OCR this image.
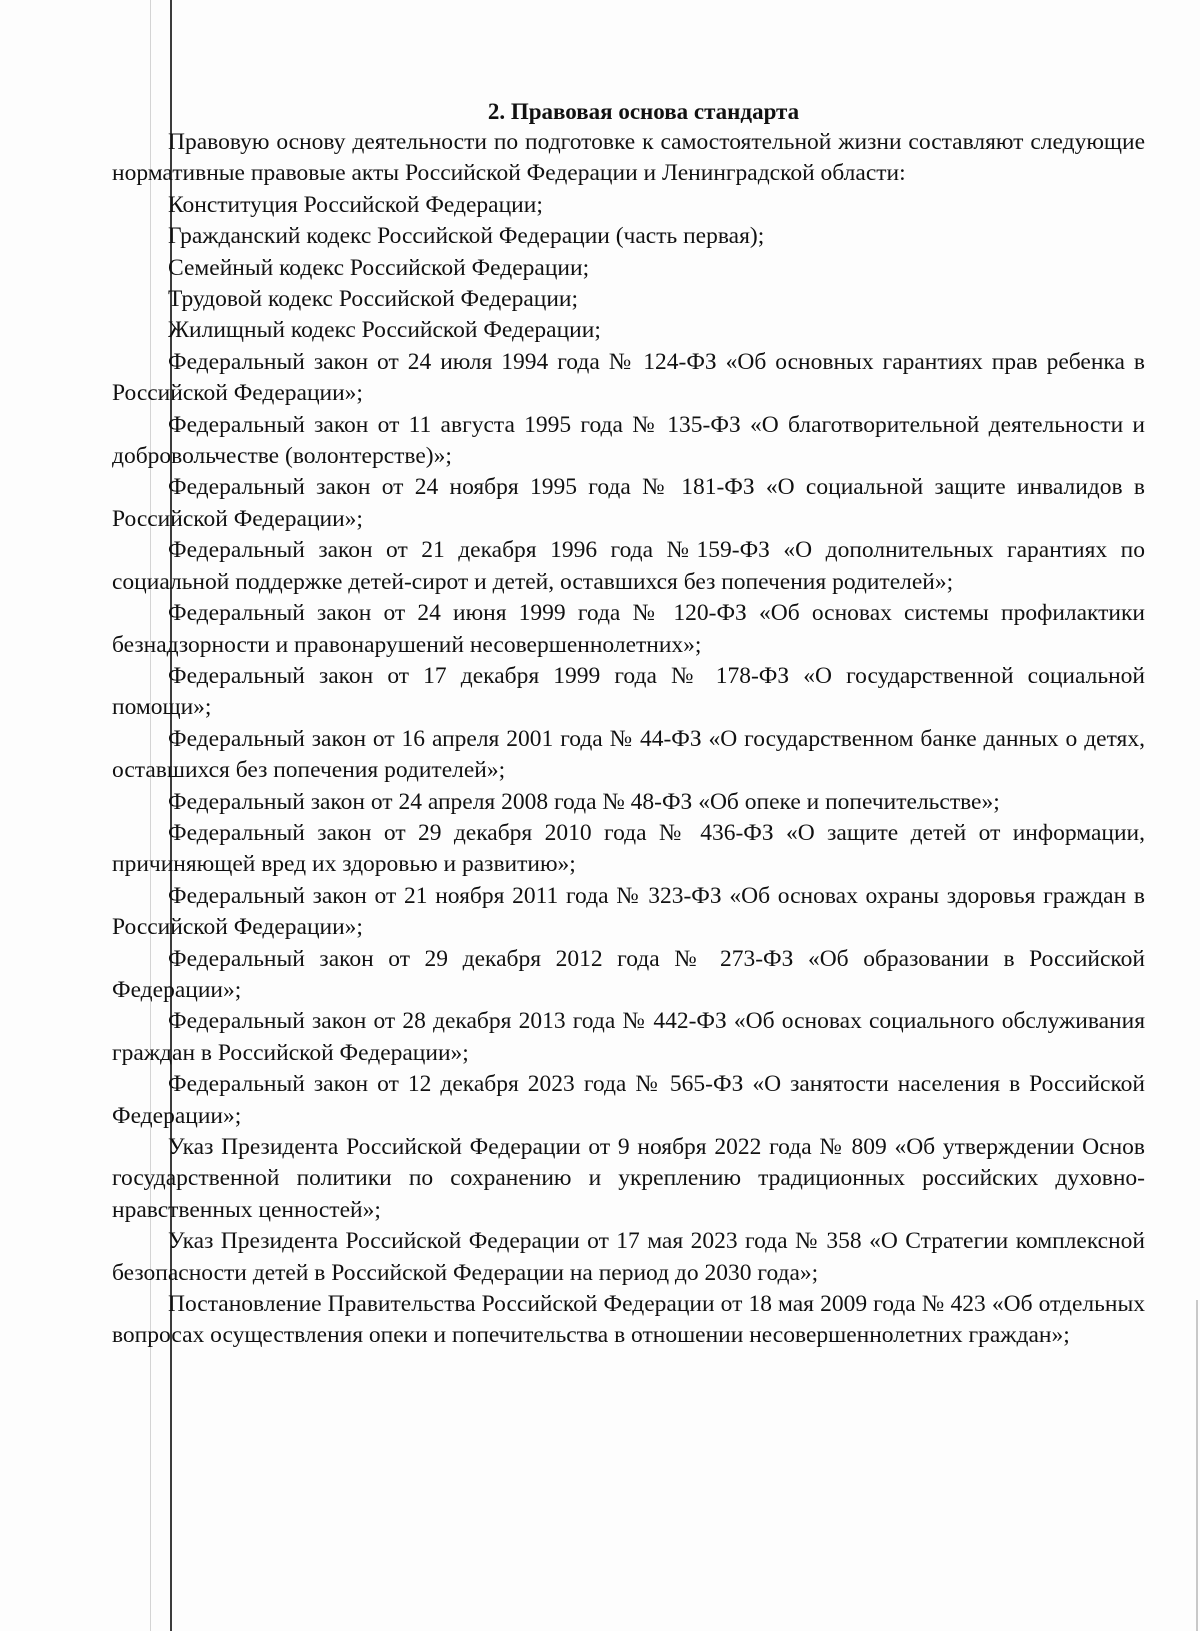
2. Правовая основа стандарта

Правовую основу деятельности по подготовке к самостоятельной жизни составляют следующие нормативные правовые акты Российской Федерации и Ленинградской области:

Конституция Российской Федерации;

Гражданский кодекс Российской Федерации (часть первая);

Семейный кодекс Российской Федерации;

Трудовой кодекс Российской Федерации;

Жилищный кодекс Российской Федерации;

Федеральный закон от 24 июля 1994 года № 124-ФЗ «Об основных гарантиях прав ребенка в Российской Федерации»;

Федеральный закон от 11 августа 1995 года № 135-ФЗ «О благотворительной деятельности и добровольчестве (волонтерстве)»;

Федеральный закон от 24 ноября 1995 года № 181-ФЗ «О социальной защите инвалидов в Российской Федерации»;

Федеральный закон от 21 декабря 1996 года №159-ФЗ «О дополнительных гарантиях по социальной поддержке детей-сирот и детей, оставшихся без попечения родителей»;

Федеральный закон от 24 июня 1999 года № 120-ФЗ «Об основах системы профилактики безнадзорности и правонарушений несовершеннолетних»;

Федеральный закон от 17 декабря 1999 года № 178-ФЗ «О государственной социальной помощи»;

Федеральный закон от 16 апреля 2001 года № 44-ФЗ «О государственном банке данных о детях, оставшихся без попечения родителей»;

Федеральный закон от 24 апреля 2008 года № 48-ФЗ «Об опеке и попечительстве»;

Федеральный закон от 29 декабря 2010 года № 436-ФЗ «О защите детей от информации, причиняющей вред их здоровью и развитию»;

Федеральный закон от 21 ноября 2011 года № 323-ФЗ «Об основах охраны здоровья граждан в Российской Федерации»;

Федеральный закон от 29 декабря 2012 года № 273-ФЗ «Об образовании в Российской Федерации»;

Федеральный закон от 28 декабря 2013 года № 442-ФЗ «Об основах социального обслуживания граждан в Российской Федерации»;

Федеральный закон от 12 декабря 2023 года № 565-ФЗ «О занятости населения в Российской Федерации»;

Указ Президента Российской Федерации от 9 ноября 2022 года № 809 «Об утверждении Основ государственной политики по сохранению и укреплению традиционных российских духовно-нравственных ценностей»;

Указ Президента Российской Федерации от 17 мая 2023 года № 358 «О Стратегии комплексной безопасности детей в Российской Федерации на период до 2030 года»;

Постановление Правительства Российской Федерации от 18 мая 2009 года № 423 «Об отдельных вопросах осуществления опеки и попечительства в отношении несовершеннолетних граждан»;
